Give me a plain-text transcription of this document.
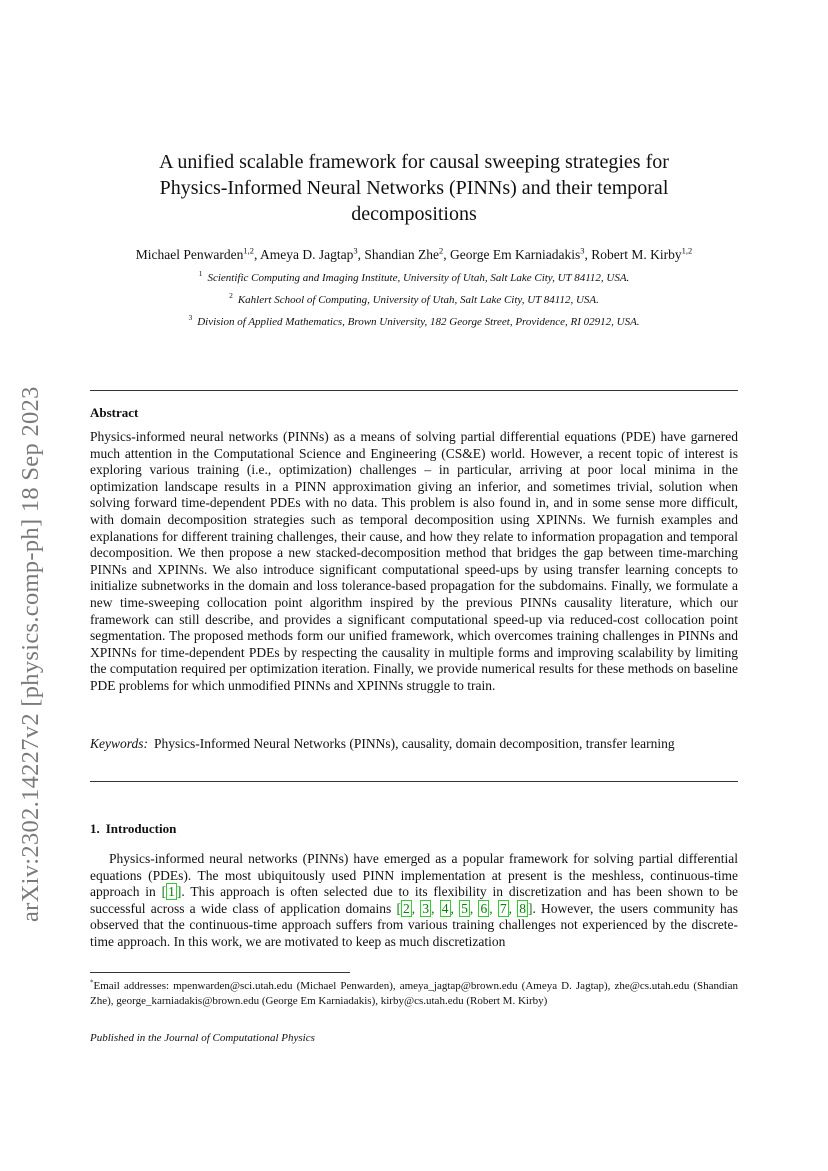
arXiv:2302.14227v2 [physics.comp-ph] 18 Sep 2023
A unified scalable framework for causal sweeping strategies for
Physics-Informed Neural Networks (PINNs) and their temporal
decompositions
Michael Penwarden$^{1,2}$, Ameya D. Jagtap$^3$, Shandian Zhe$^2$, George Em Karniadakis$^3$, Robert M. Kirby$^{1,2}$
$^1$ Scientific Computing and Imaging Institute, University of Utah, Salt Lake City, UT 84112, USA.
$^2$ Kahlert School of Computing, University of Utah, Salt Lake City, UT 84112, USA.
$^3$ Division of Applied Mathematics, Brown University, 182 George Street, Providence, RI 02912, USA.
Abstract
Physics-informed neural networks (PINNs) as a means of solving partial differential equations (PDE) have garnered much attention in the Computational Science and Engineering (CS&E) world. However, a recent topic of interest is exploring various training (i.e., optimization) challenges – in particular, arriving at poor local minima in the optimization landscape results in a PINN approximation giving an inferior, and sometimes trivial, solution when solving forward time-dependent PDEs with no data. This problem is also found in, and in some sense more difficult, with domain decomposition strategies such as temporal decomposition using XPINNs. We furnish examples and explanations for different training challenges, their cause, and how they relate to information propagation and temporal decomposition. We then propose a new stacked-decomposition method that bridges the gap between time-marching PINNs and XPINNs. We also introduce significant computational speed-ups by using transfer learning concepts to initialize subnetworks in the domain and loss tolerance-based propagation for the subdomains. Finally, we formulate a new time-sweeping collocation point algorithm inspired by the previous PINNs causality literature, which our framework can still describe, and provides a significant computational speed-up via reduced-cost collocation point segmentation. The proposed methods form our unified framework, which overcomes training challenges in PINNs and XPINNs for time-dependent PDEs by respecting the causality in multiple forms and improving scalability by limiting the computation required per optimization iteration. Finally, we provide numerical results for these methods on baseline PDE problems for which unmodified PINNs and XPINNs struggle to train.
Keywords: Physics-Informed Neural Networks (PINNs), causality, domain decomposition, transfer learning
1. Introduction
Physics-informed neural networks (PINNs) have emerged as a popular framework for solving partial differential equations (PDEs). The most ubiquitously used PINN implementation at present is the meshless, continuous-time approach in [ 1 ]. This approach is often selected due to its flexibility in discretization and has been shown to be successful across a wide class of application domains [ 2 , 3 , 4 , 5 , 6 , 7 , 8 ]. However, the users community has observed that the continuous-time approach suffers from various training challenges not experienced by the discrete-time approach. In this work, we are motivated to keep as much discretization
*Email addresses: mpenwarden@sci.utah.edu (Michael Penwarden), ameya_jagtap@brown.edu (Ameya D. Jagtap), zhe@cs.utah.edu (Shandian Zhe), george_karniadakis@brown.edu (George Em Karniadakis), kirby@cs.utah.edu (Robert M. Kirby)
Published in the Journal of Computational Physics
